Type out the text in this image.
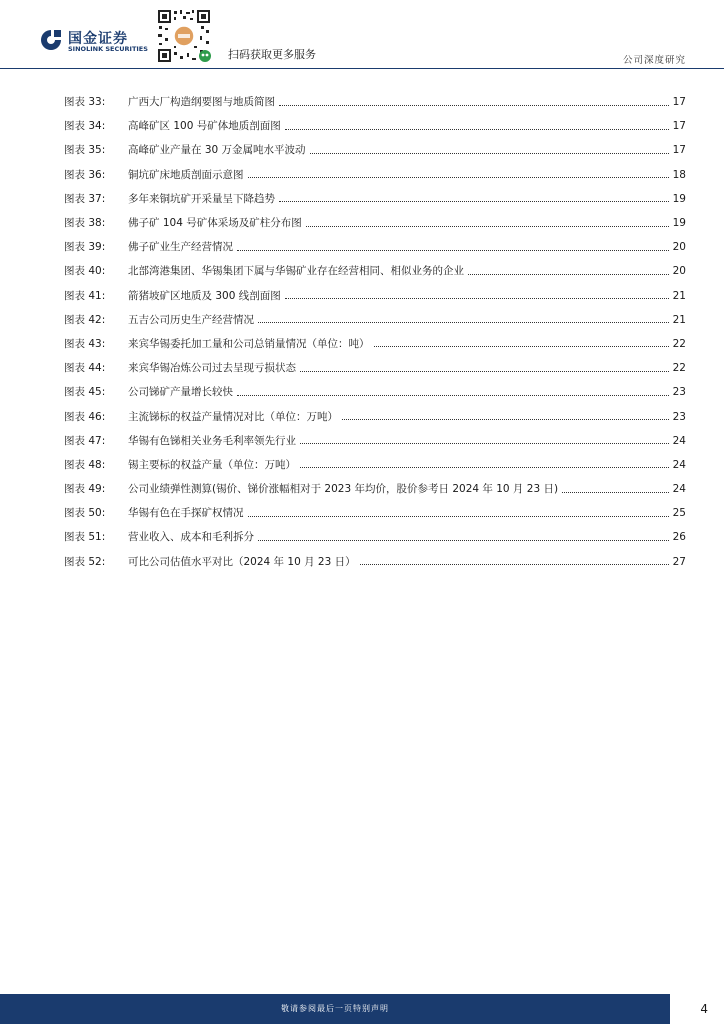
国金证券
SINOLINK SECURITIES	扫码获取更多服务	公司深度研究
图表 33:	广西大厂构造纲要图与地质简图	17
图表 34:	高峰矿区 100 号矿体地质剖面图	17
图表 35:	高峰矿业产量在 30 万金属吨水平波动	17
图表 36:	铜坑矿床地质剖面示意图	18
图表 37:	多年来铜坑矿开采量呈下降趋势	19
图表 38:	佛子矿 104 号矿体采场及矿柱分布图	19
图表 39:	佛子矿业生产经营情况	20
图表 40:	北部湾港集团、华锡集团下属与华锡矿业存在经营相同、相似业务的企业	20
图表 41:	箭猪坡矿区地质及 300 线剖面图	21
图表 42:	五吉公司历史生产经营情况	21
图表 43:	来宾华锡委托加工量和公司总销量情况（单位：吨）	22
图表 44:	来宾华锡冶炼公司过去呈现亏损状态	22
图表 45:	公司锑矿产量增长较快	23
图表 46:	主流锑标的权益产量情况对比（单位：万吨）	23
图表 47:	华锡有色锑相关业务毛利率领先行业	24
图表 48:	锡主要标的权益产量（单位：万吨）	24
图表 49:	公司业绩弹性测算(锡价、锑价涨幅相对于 2023 年均价，股价参考日 2024 年 10 月 23 日)	24
图表 50:	华锡有色在手探矿权情况	25
图表 51:	营业收入、成本和毛利拆分	26
图表 52:	可比公司估值水平对比（2024 年 10 月 23 日）	27
敬请参阅最后一页特别声明	4
